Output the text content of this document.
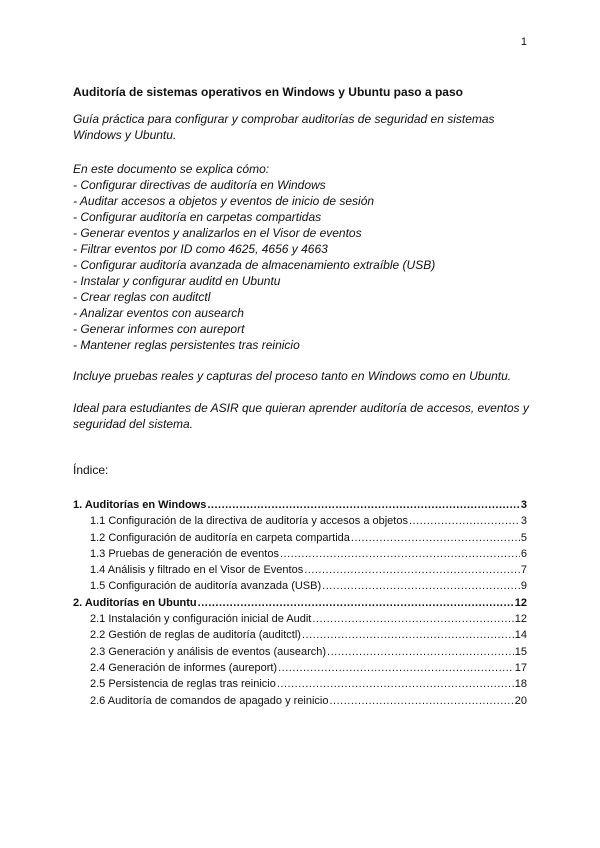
1
Auditoría de sistemas operativos en Windows y Ubuntu paso a paso
Guía práctica para configurar y comprobar auditorías de seguridad en sistemas Windows y Ubuntu.
En este documento se explica cómo:
- Configurar directivas de auditoría en Windows
- Auditar accesos a objetos y eventos de inicio de sesión
- Configurar auditoría en carpetas compartidas
- Generar eventos y analizarlos en el Visor de eventos
- Filtrar eventos por ID como 4625, 4656 y 4663
- Configurar auditoría avanzada de almacenamiento extraíble (USB)
- Instalar y configurar auditd en Ubuntu
- Crear reglas con auditctl
- Analizar eventos con ausearch
- Generar informes con aureport
- Mantener reglas persistentes tras reinicio
Incluye pruebas reales y capturas del proceso tanto en Windows como en Ubuntu.
Ideal para estudiantes de ASIR que quieran aprender auditoría de accesos, eventos y seguridad del sistema.
Índice:
1. Auditorías en Windows .....	3
1.1 Configuración de la directiva de auditoría y accesos a objetos .....	3
1.2 Configuración de auditoría en carpeta compartida .....	5
1.3 Pruebas de generación de eventos .....	6
1.4 Análisis y filtrado en el Visor de Eventos .....	7
1.5 Configuración de auditoría avanzada (USB) .....	9
2. Auditorías en Ubuntu .....	12
2.1 Instalación y configuración inicial de Audit .....	12
2.2 Gestión de reglas de auditoría (auditctl) .....	14
2.3 Generación y análisis de eventos (ausearch) .....	15
2.4 Generación de informes (aureport) .....	17
2.5 Persistencia de reglas tras reinicio .....	18
2.6 Auditoría de comandos de apagado y reinicio .....	20
